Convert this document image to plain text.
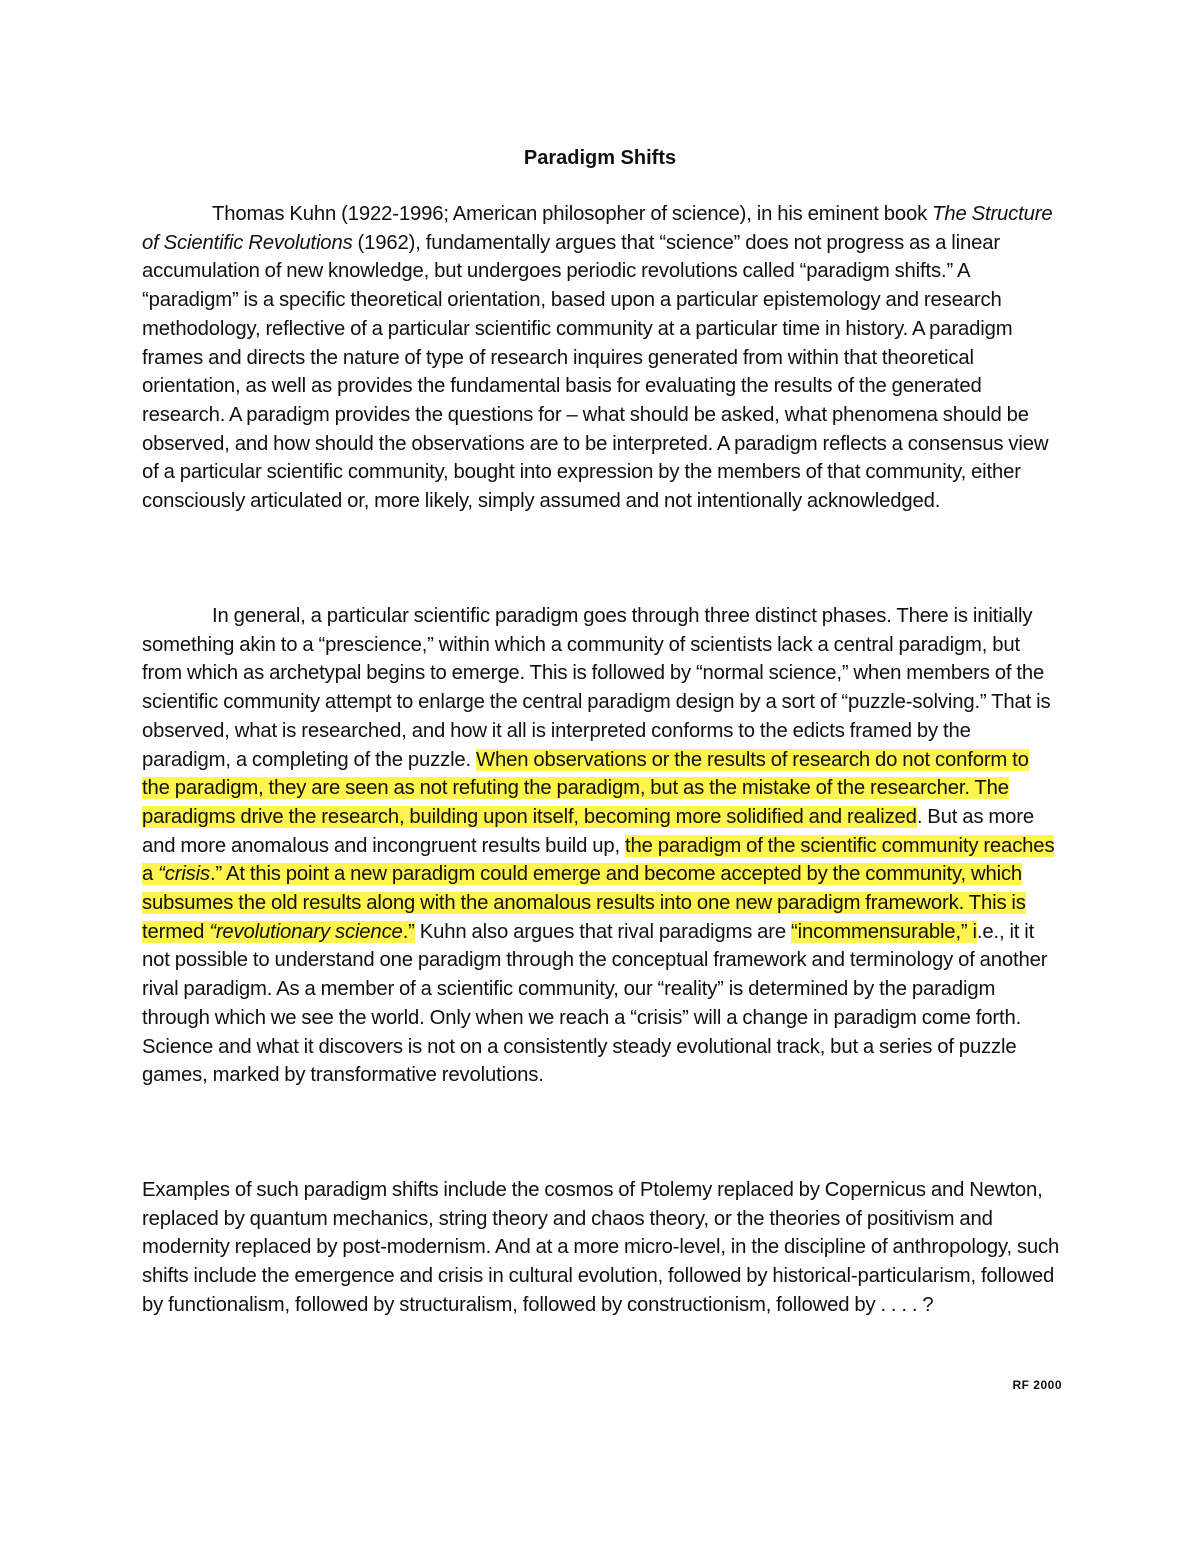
Paradigm Shifts
Thomas Kuhn (1922-1996; American philosopher of science), in his eminent book The Structure of Scientific Revolutions (1962), fundamentally argues that “science” does not progress as a linear accumulation of new knowledge, but undergoes periodic revolutions called “paradigm shifts.” A “paradigm” is a specific theoretical orientation, based upon a particular epistemology and research methodology, reflective of a particular scientific community at a particular time in history. A paradigm frames and directs the nature of type of research inquires generated from within that theoretical orientation, as well as provides the fundamental basis for evaluating the results of the generated research. A paradigm provides the questions for – what should be asked, what phenomena should be observed, and how should the observations are to be interpreted. A paradigm reflects a consensus view of a particular scientific community, bought into expression by the members of that community, either consciously articulated or, more likely, simply assumed and not intentionally acknowledged.
In general, a particular scientific paradigm goes through three distinct phases. There is initially something akin to a “prescience,” within which a community of scientists lack a central paradigm, but from which as archetypal begins to emerge. This is followed by “normal science,” when members of the scientific community attempt to enlarge the central paradigm design by a sort of “puzzle-solving.” That is observed, what is researched, and how it all is interpreted conforms to the edicts framed by the paradigm, a completing of the puzzle. When observations or the results of research do not conform to the paradigm, they are seen as not refuting the paradigm, but as the mistake of the researcher. The paradigms drive the research, building upon itself, becoming more solidified and realized. But as more and more anomalous and incongruent results build up, the paradigm of the scientific community reaches a “crisis.” At this point a new paradigm could emerge and become accepted by the community, which subsumes the old results along with the anomalous results into one new paradigm framework. This is termed “revolutionary science.” Kuhn also argues that rival paradigms are “incommensurable,” i.e., it it not possible to understand one paradigm through the conceptual framework and terminology of another rival paradigm. As a member of a scientific community, our “reality” is determined by the paradigm through which we see the world. Only when we reach a “crisis” will a change in paradigm come forth. Science and what it discovers is not on a consistently steady evolutional track, but a series of puzzle games, marked by transformative revolutions.
Examples of such paradigm shifts include the cosmos of Ptolemy replaced by Copernicus and Newton, replaced by quantum mechanics, string theory and chaos theory, or the theories of positivism and modernity replaced by post-modernism. And at a more micro-level, in the discipline of anthropology, such shifts include the emergence and crisis in cultural evolution, followed by historical-particularism, followed by functionalism, followed by structuralism, followed by constructionism, followed by . . . . ?
RF 2000
